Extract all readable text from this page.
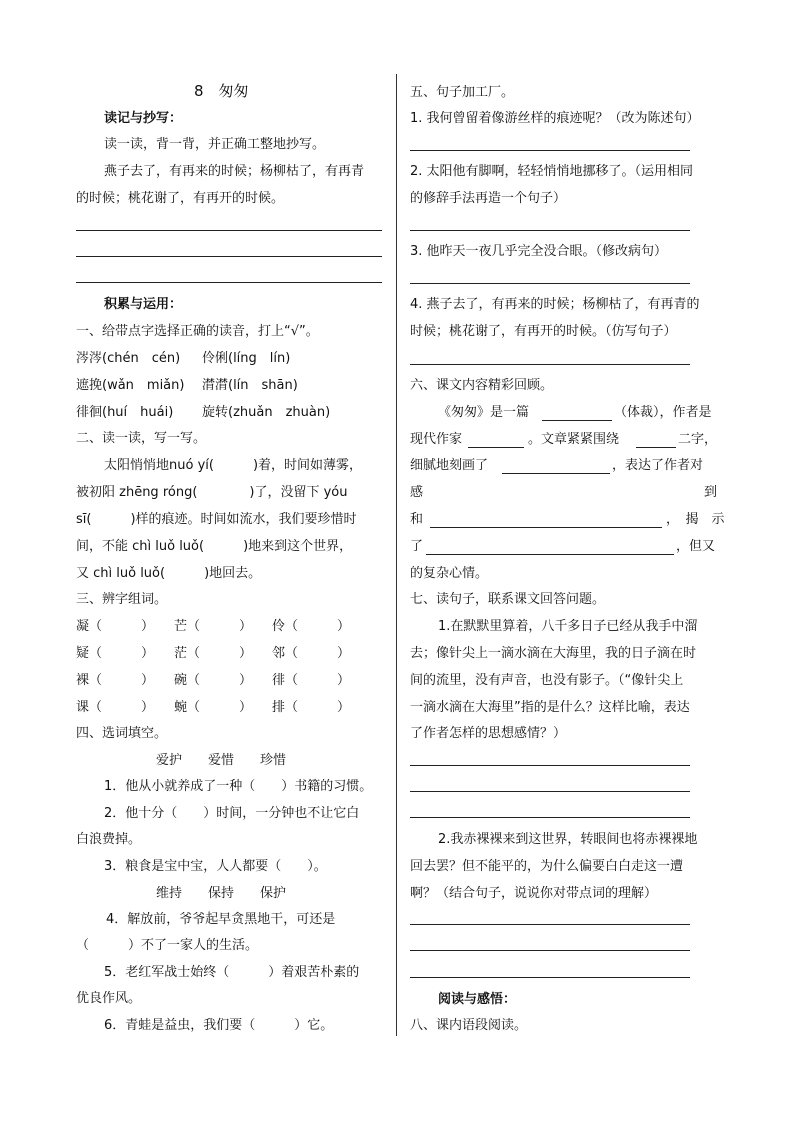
8　匆匆
读记与抄写：
读一读，背一背，并正确工整地抄写。
燕子去了，有再来的时候；杨柳枯了，有再青
的时候；桃花谢了，有再开的时候。
积累与运用：
一、给带点字选择正确的读音，打上“√”。
涔涔(chén　cén) 伶俐(líng　lín)
遮挽(wǎn　miǎn) 潸潸(lín　shān)
徘徊(huí　huái) 旋转(zhuǎn　zhuàn)
二、读一读，写一写。
太阳悄悄地nuó yí(　　　)着，时间如薄雾，
被初阳 zhēng róng(　　　　)了，没留下 yóu
sī(　　　)样的痕迹。时间如流水，我们要珍惜时
间，不能 chì luǒ luǒ(　　　)地来到这个世界，
又 chì luǒ luǒ(　　　)地回去。
三、辨字组词。
凝（　　　） 芒（　　　） 伶（　　　）
疑（　　　） 茫（　　　） 邻（　　　）
裸（　　　） 碗（　　　） 徘（　　　）
课（　　　） 蜿（　　　） 排（　　　）
四、选词填空。
爱护　　爱惜　　珍惜
1．他从小就养成了一种（　　）书籍的习惯。
2．他十分（　　）时间，一分钟也不让它白
白浪费掉。
3．粮食是宝中宝，人人都要（　　）。
维持　　保持　　保护
4．解放前，爷爷起早贪黑地干，可还是
（　　　）不了一家人的生活。
5．老红军战士始终（　　　）着艰苦朴素的
优良作风。
6．青蛙是益虫，我们要（　　　）它。
五、句子加工厂。
1. 我何曾留着像游丝样的痕迹呢？（改为陈述句）
2. 太阳他有脚啊，轻轻悄悄地挪移了。（运用相同
的修辞手法再造一个句子）
3. 他昨天一夜几乎完全没合眼。（修改病句）
4. 燕子去了，有再来的时候；杨柳枯了，有再青的
时候；桃花谢了，有再开的时候。（仿写句子）
六、课文内容精彩回顾。
《匆匆》是一篇	（体裁），作者是
现代作家	。文章紧紧围绕	二字，
细腻地刻画了	，表达了作者对
感	到
和	，　揭　示
了	，但又
的复杂心情。
七、读句子，联系课文回答问题。
1.在默默里算着，八千多日子已经从我手中溜
去；像针尖上一滴水滴在大海里，我的日子滴在时
间的流里，没有声音，也没有影子。（“像针尖上
一滴水滴在大海里”指的是什么？这样比喻，表达
了作者怎样的思想感情？）
2.我赤裸裸来到这世界，转眼间也将赤裸裸地
回去罢？但不能平的，为什么偏要白白走这一遭
啊？（结合句子，说说你对带点词的理解）
阅读与感悟：
八、课内语段阅读。
